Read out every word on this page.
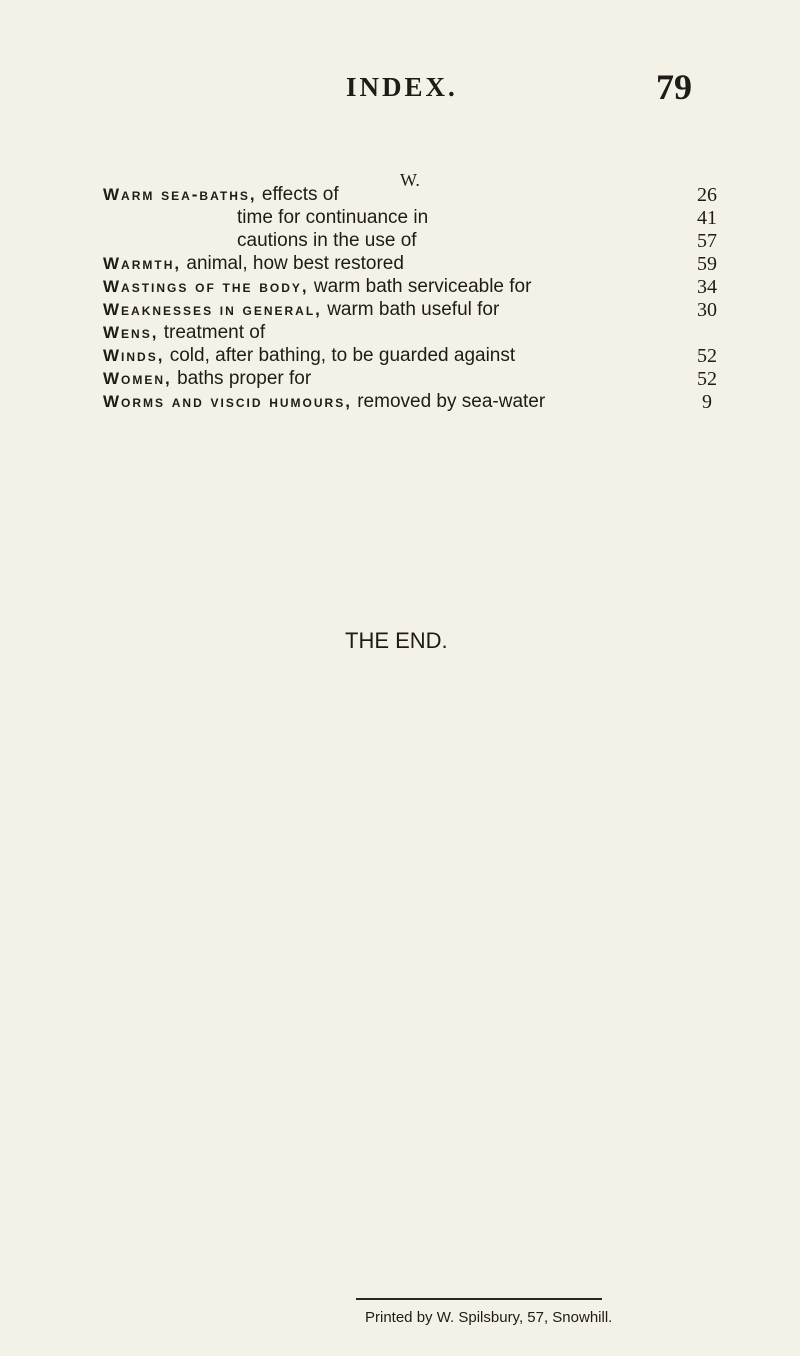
INDEX.	79
W.
Warm sea-baths, effects of	26
time for continuance in	41
cautions in the use of	57
Warmth, animal, how best restored	59
Wastings of the body, warm bath serviceable for	34
Weaknesses in general, warm bath useful for	30
Wens, treatment of
Winds, cold, after bathing, to be guarded against	52
Women, baths proper for	52
Worms and viscid humours, removed by sea-water	9
THE END.
Printed by W. Spilsbury, 57, Snowhill.
